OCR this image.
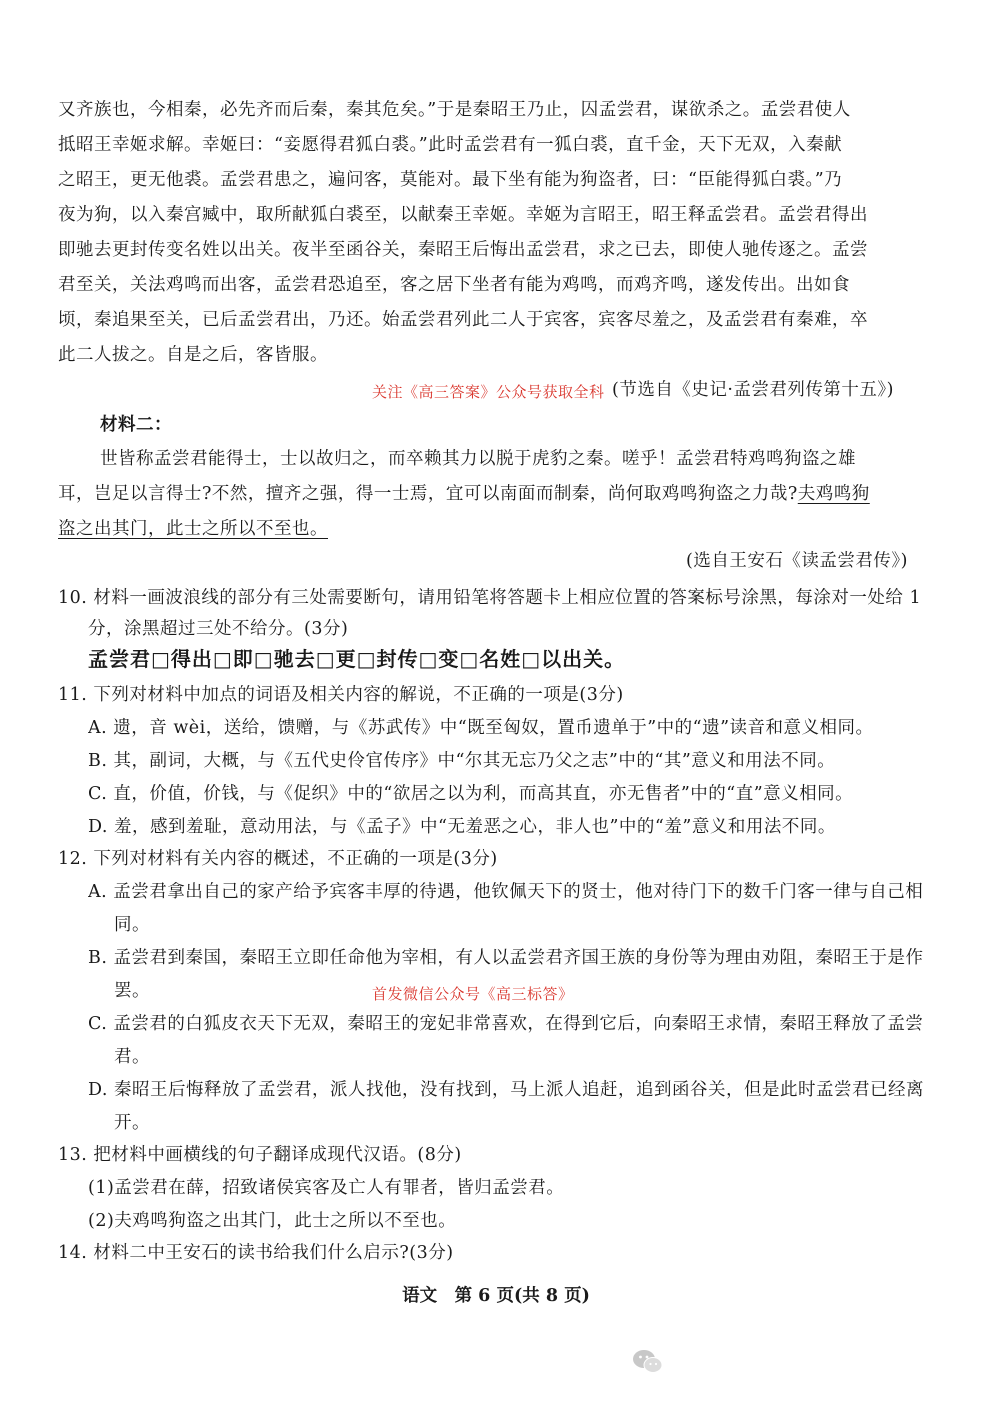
又齐族也，今相秦，必先齐而后秦，秦其危矣。”于是秦昭王乃止，囚孟尝君，谋欲杀之。孟尝君使人
抵昭王幸姬求解。幸姬曰：“妾愿得君狐白裘。”此时孟尝君有一狐白裘，直千金，天下无双，入秦献
之昭王，更无他裘。孟尝君患之，遍问客，莫能对。最下坐有能为狗盗者，曰：“臣能得狐白裘。”乃
夜为狗，以入秦宫臧中，取所献狐白裘至，以献秦王幸姬。幸姬为言昭王，昭王释孟尝君。孟尝君得出
即驰去更封传变名姓以出关。夜半至函谷关，秦昭王后悔出孟尝君，求之已去，即使人驰传逐之。孟尝
君至关，关法鸡鸣而出客，孟尝君恐追至，客之居下坐者有能为鸡鸣，而鸡齐鸣，遂发传出。出如食
顷，秦追果至关，已后孟尝君出，乃还。始孟尝君列此二人于宾客，宾客尽羞之，及孟尝君有秦难，卒
此二人拔之。自是之后，客皆服。
关注《高三答案》公众号获取全科 (节选自《史记·孟尝君列传第十五》)
材料二：
世皆称孟尝君能得士，士以故归之，而卒赖其力以脱于虎豹之秦。嗟乎！孟尝君特鸡鸣狗盗之雄
耳，岂足以言得士?不然，擅齐之强，得一士焉，宜可以南面而制秦，尚何取鸡鸣狗盗之力哉?夫鸡鸣狗
盗之出其门，此士之所以不至也。
(选自王安石《读孟尝君传》)
10. 材料一画波浪线的部分有三处需要断句，请用铅笔将答题卡上相应位置的答案标号涂黑，每涂对一处给 1
分，涂黑超过三处不给分。(3分)
孟尝君□得出□即□驰去□更□封传□变□名姓□以出关。
11. 下列对材料中加点的词语及相关内容的解说，不正确的一项是(3分)
A. 遗，音 wèi，送给，馈赠，与《苏武传》中“既至匈奴，置币遗单于”中的“遗”读音和意义相同。
B. 其，副词，大概，与《五代史伶官传序》中“尔其无忘乃父之志”中的“其”意义和用法不同。
C. 直，价值，价钱，与《促织》中的“欲居之以为利，而高其直，亦无售者”中的“直”意义相同。
D. 羞，感到羞耻，意动用法，与《孟子》中“无羞恶之心，非人也”中的“羞”意义和用法不同。
12. 下列对材料有关内容的概述，不正确的一项是(3分)
A. 孟尝君拿出自己的家产给予宾客丰厚的待遇，他钦佩天下的贤士，他对待门下的数千门客一律与自己相
同。
B. 孟尝君到秦国，秦昭王立即任命他为宰相，有人以孟尝君齐国王族的身份等为理由劝阻，秦昭王于是作
罢。	首发微信公众号《高三标答》
C. 孟尝君的白狐皮衣天下无双，秦昭王的宠妃非常喜欢，在得到它后，向秦昭王求情，秦昭王释放了孟尝
君。
D. 秦昭王后悔释放了孟尝君，派人找他，没有找到，马上派人追赶，追到函谷关，但是此时孟尝君已经离
开。
13. 把材料中画横线的句子翻译成现代汉语。(8分)
(1)孟尝君在薛，招致诸侯宾客及亡人有罪者，皆归孟尝君。
(2)夫鸡鸣狗盗之出其门，此士之所以不至也。
14. 材料二中王安石的读书给我们什么启示?(3分)
语文　第 6 页(共 8 页)
